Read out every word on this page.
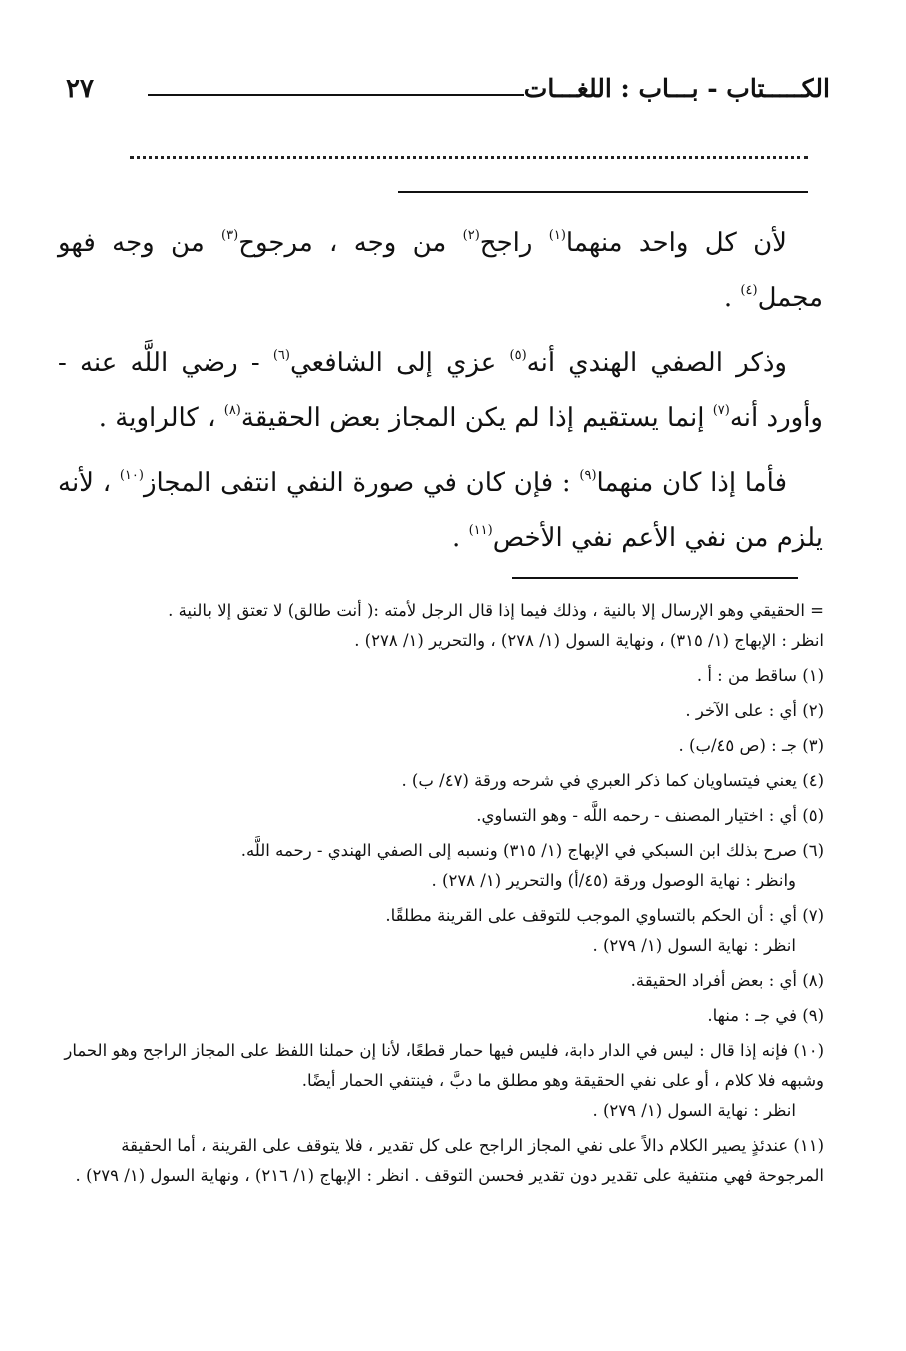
الكـــــتاب - بـــاب : اللغـــات
٢٧

لأن كل واحد منهما$^{(١)}$ راجح$^{(٢)}$ من وجه ، مرجوح$^{(٣)}$ من وجه فهو مجمل$^{(٤)}$ .

وذكر الصفي الهندي أنه$^{(٥)}$ عزي إلى الشافعي$^{(٦)}$ - رضي اللَّه عنه - وأورد أنه$^{(٧)}$ إنما يستقيم إذا لم يكن المجاز بعض الحقيقة$^{(٨)}$ ، كالراوية .

فأما إذا كان منهما$^{(٩)}$ : فإن كان في صورة النفي انتفى المجاز$^{(١٠)}$ ، لأنه يلزم من نفي الأعم نفي الأخص$^{(١١)}$ .

= الحقيقي وهو الإرسال إلا بالنية ، وذلك فيما إذا قال الرجل لأمته :( أنت طالق) لا تعتق إلا بالنية .
انظر : الإبهاج (١/ ٣١٥) ، ونهاية السول (١/ ٢٧٨) ، والتحرير (١/ ٢٧٨) .
(١) ساقط من : أ .
(٢) أي : على الآخر .
(٣) جـ : (ص ٤٥/ب) .
(٤) يعني فيتساويان كما ذكر العبري في شرحه ورقة (٤٧/ ب) .
(٥) أي : اختيار المصنف - رحمه اللَّه - وهو التساوي.
(٦) صرح بذلك ابن السبكي في الإبهاج (١/ ٣١٥) ونسبه إلى الصفي الهندي - رحمه اللَّه.
وانظر : نهاية الوصول ورقة (٤٥/أ) والتحرير (١/ ٢٧٨) .
(٧) أي : أن الحكم بالتساوي الموجب للتوقف على القرينة مطلقًا.
انظر : نهاية السول (١/ ٢٧٩) .
(٨) أي : بعض أفراد الحقيقة.
(٩) في جـ : منها.
(١٠) فإنه إذا قال : ليس في الدار دابة، فليس فيها حمار قطعًا، لأنا إن حملنا اللفظ على المجاز الراجح وهو الحمار وشبهه فلا كلام ، أو على نفي الحقيقة وهو مطلق ما دبَّ ، فينتفي الحمار أيضًا.
انظر : نهاية السول (١/ ٢٧٩) .
(١١) عندئذٍ يصير الكلام دالاً على نفي المجاز الراجح على كل تقدير ، فلا يتوقف على القرينة ، أما الحقيقة المرجوحة فهي منتفية على تقدير دون تقدير فحسن التوقف . انظر : الإبهاج (١/ ٢١٦) ، ونهاية السول (١/ ٢٧٩) .
